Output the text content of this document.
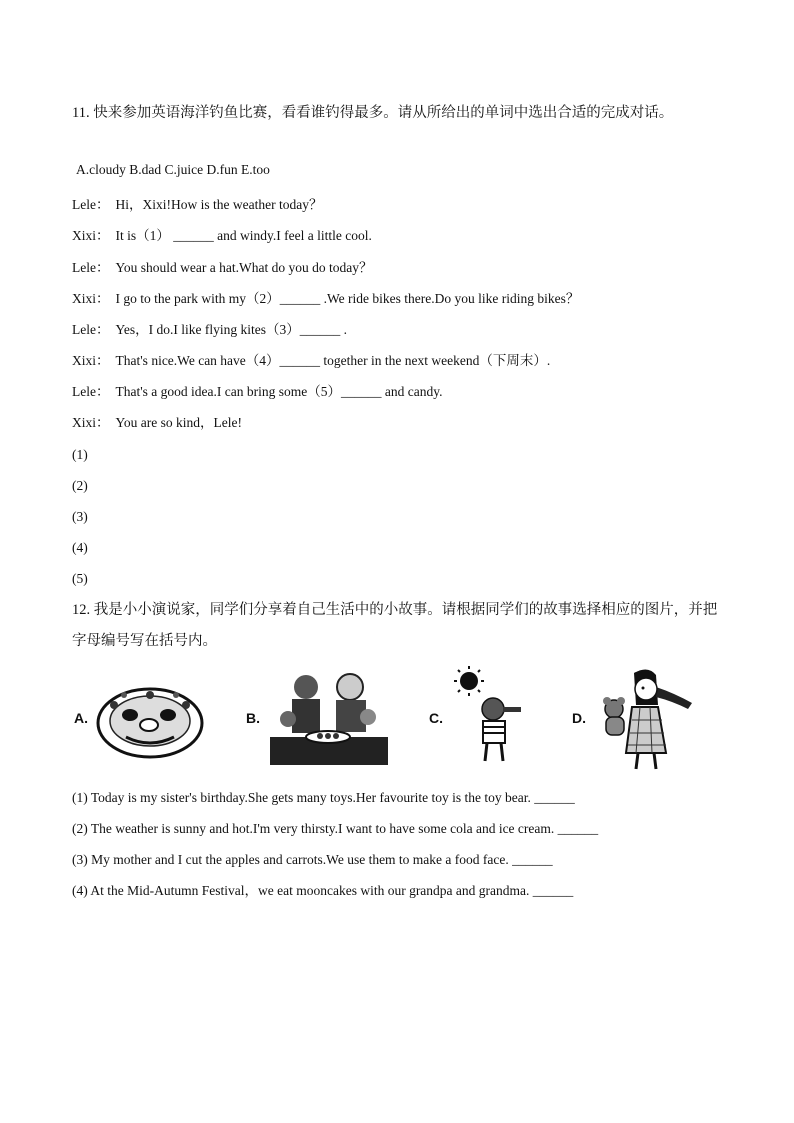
11. 快来参加英语海洋钓鱼比赛，看看谁钓得最多。请从所给出的单词中选出合适的完成对话。
A.cloudy B.dad C.juice D.fun E.too
Lele： Hi，Xixi!How is the weather today？
Xixi： It is（1） ______ and windy.I feel a little cool.
Lele： You should wear a hat.What do you do today？
Xixi： I go to the park with my（2）______ .We ride bikes there.Do you like riding bikes？
Lele： Yes，I do.I like flying kites（3）______ .
Xixi： That's nice.We can have（4）______ together in the next weekend（下周末）.
Lele： That's a good idea.I can bring some（5）______ and candy.
Xixi： You are so kind，Lele!
(1)
(2)
(3)
(4)
(5)
12. 我是小小演说家，同学们分享着自己生活中的小故事。请根据同学们的故事选择相应的图片，并把字母编号写在括号内。
A.	B.	C.	D.
(1) Today is my sister's birthday.She gets many toys.Her favourite toy is the toy bear. ______
(2) The weather is sunny and hot.I'm very thirsty.I want to have some cola and ice cream. ______
(3) My mother and I cut the apples and carrots.We use them to make a food face. ______
(4) At the Mid-Autumn Festival，we eat mooncakes with our grandpa and grandma. ______
